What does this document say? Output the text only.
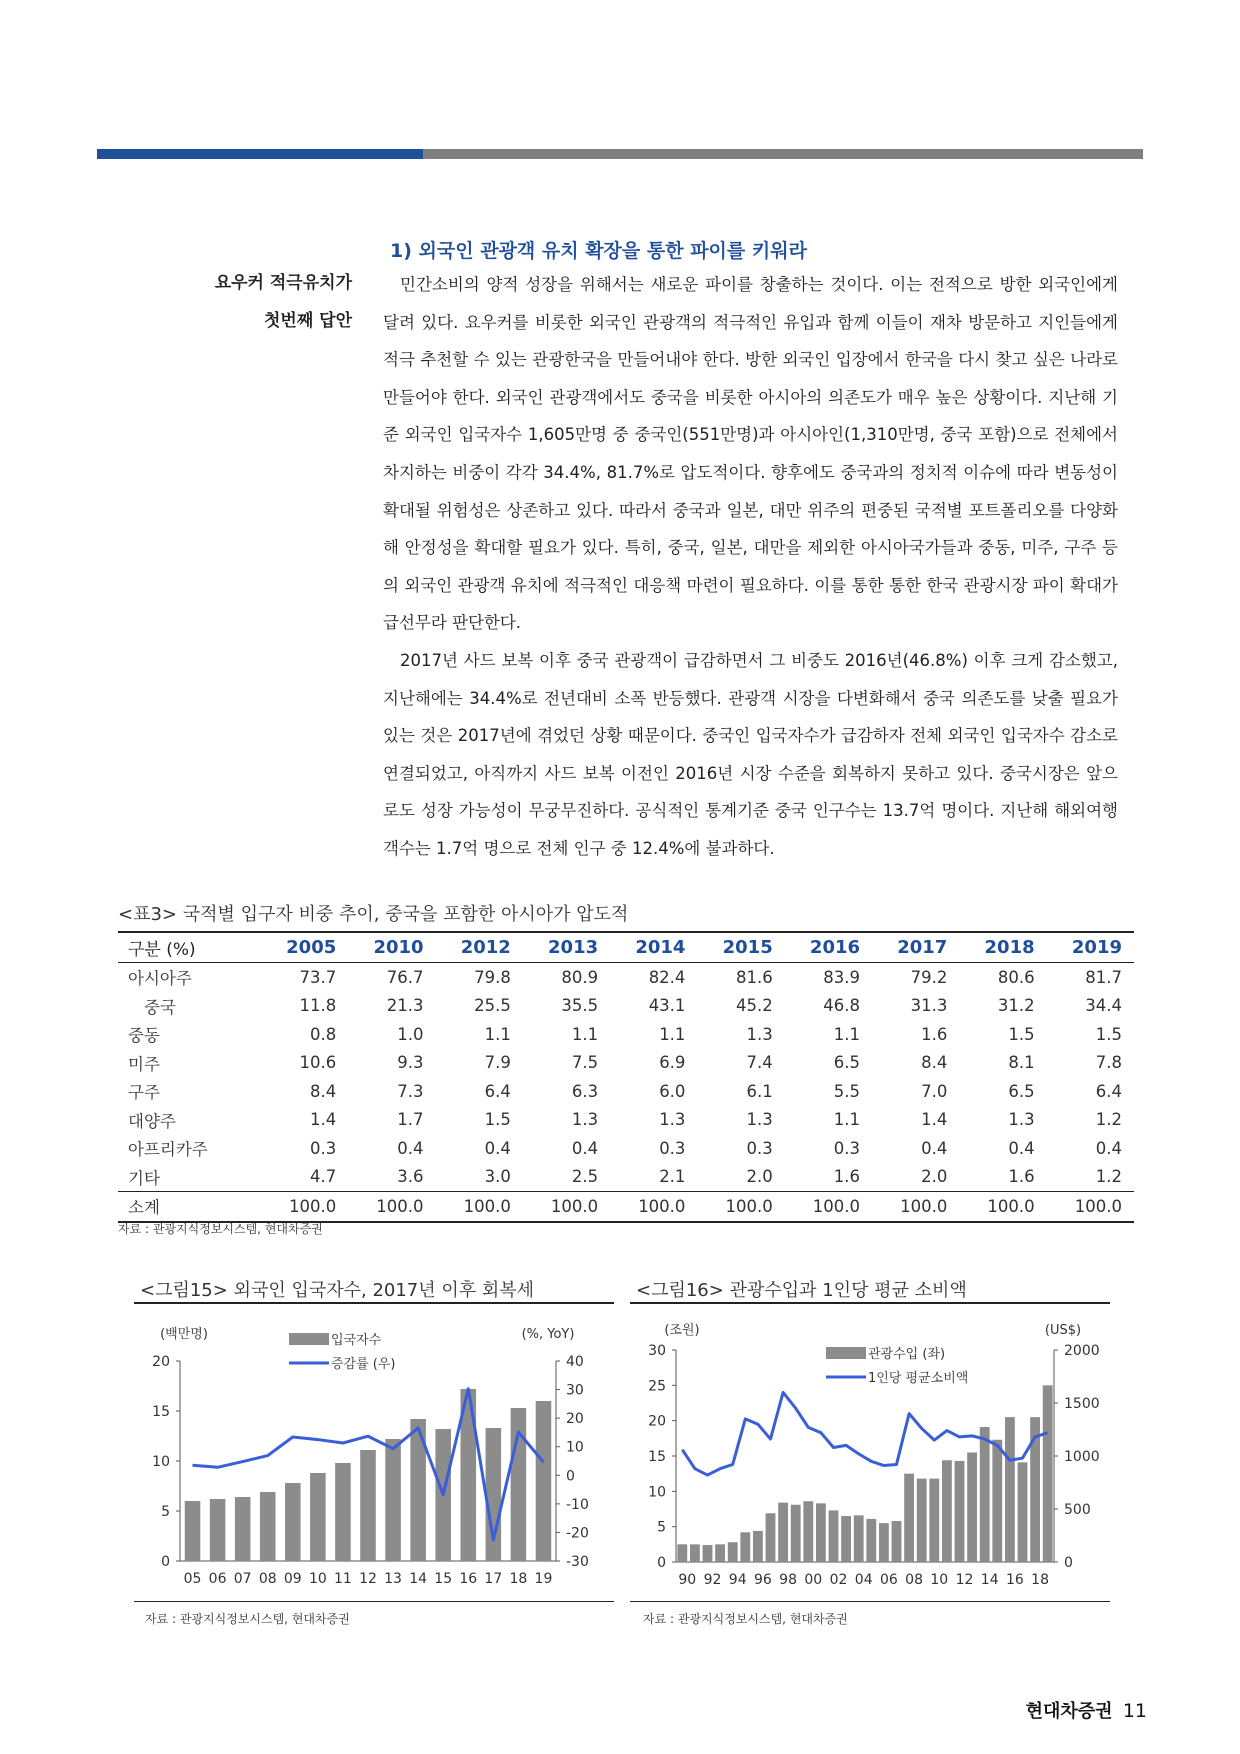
1) 외국인 관광객 유치 확장을 통한 파이를 키워라
요우커 적극유치가
첫번째 답안

민간소비의 양적 성장을 위해서는 새로운 파이를 창출하는 것이다. 이는 전적으로 방한 외국인에게 달려 있다. 요우커를 비롯한 외국인 관광객의 적극적인 유입과 함께 이들이 재차 방문하고 지인들에게 적극 추천할 수 있는 관광한국을 만들어내야 한다. 방한 외국인 입장에서 한국을 다시 찾고 싶은 나라로 만들어야 한다. 외국인 관광객에서도 중국을 비롯한 아시아의 의존도가 매우 높은 상황이다. 지난해 기준 외국인 입국자수 1,605만명 중 중국인(551만명)과 아시아인(1,310만명, 중국 포함)으로 전체에서 차지하는 비중이 각각 34.4%, 81.7%로 압도적이다. 향후에도 중국과의 정치적 이슈에 따라 변동성이 확대될 위험성은 상존하고 있다. 따라서 중국과 일본, 대만 위주의 편중된 국적별 포트폴리오를 다양화해 안정성을 확대할 필요가 있다. 특히, 중국, 일본, 대만을 제외한 아시아국가들과 중동, 미주, 구주 등의 외국인 관광객 유치에 적극적인 대응책 마련이 필요하다. 이를 통한 통한 한국 관광시장 파이 확대가 급선무라 판단한다.

2017년 사드 보복 이후 중국 관광객이 급감하면서 그 비중도 2016년(46.8%) 이후 크게 감소했고, 지난해에는 34.4%로 전년대비 소폭 반등했다. 관광객 시장을 다변화해서 중국 의존도를 낮출 필요가 있는 것은 2017년에 겪었던 상황 때문이다. 중국인 입국자수가 급감하자 전체 외국인 입국자수 감소로 연결되었고, 아직까지 사드 보복 이전인 2016년 시장 수준을 회복하지 못하고 있다. 중국시장은 앞으로도 성장 가능성이 무궁무진하다. 공식적인 통계기준 중국 인구수는 13.7억 명이다. 지난해 해외여행객수는 1.7억 명으로 전체 인구 중 12.4%에 불과하다.

<표3> 국적별 입구자 비중 추이, 중국을 포함한 아시아가 압도적
구분 (%)	2005	2010	2012	2013	2014	2015	2016	2017	2018	2019
아시아주	73.7	76.7	79.8	80.9	82.4	81.6	83.9	79.2	80.6	81.7
중국	11.8	21.3	25.5	35.5	43.1	45.2	46.8	31.3	31.2	34.4
중동	0.8	1.0	1.1	1.1	1.1	1.3	1.1	1.6	1.5	1.5
미주	10.6	9.3	7.9	7.5	6.9	7.4	6.5	8.4	8.1	7.8
구주	8.4	7.3	6.4	6.3	6.0	6.1	5.5	7.0	6.5	6.4
대양주	1.4	1.7	1.5	1.3	1.3	1.3	1.1	1.4	1.3	1.2
아프리카주	0.3	0.4	0.4	0.4	0.3	0.3	0.3	0.4	0.4	0.4
기타	4.7	3.6	3.0	2.5	2.1	2.0	1.6	2.0	1.6	1.2
소계	100.0	100.0	100.0	100.0	100.0	100.0	100.0	100.0	100.0	100.0
자료 : 관광지식정보시스템, 현대차증권
<그림15> 외국인 입국자수, 2017년 이후 회복세
0
5
10
15
20
-30
-20
-10
0
10
20
30
40
(백만명)	(%, YoY)
05 06 07 08 09 10 11 12 13 14 15 16 17 18 19
입국자수
증감률 (우)
자료 : 관광지식정보시스템, 현대차증권
<그림16> 관광수입과 1인당 평균 소비액
0
5
10
15
20
25
30
0
500
1000
1500
2000
(조원)	(US$)
90 92 94 96 98 00 02 04 06 08 10 12 14 16 18
관광수입 (좌)
1인당 평균소비액
자료 : 관광지식정보시스템, 현대차증권
현대차증권 11
